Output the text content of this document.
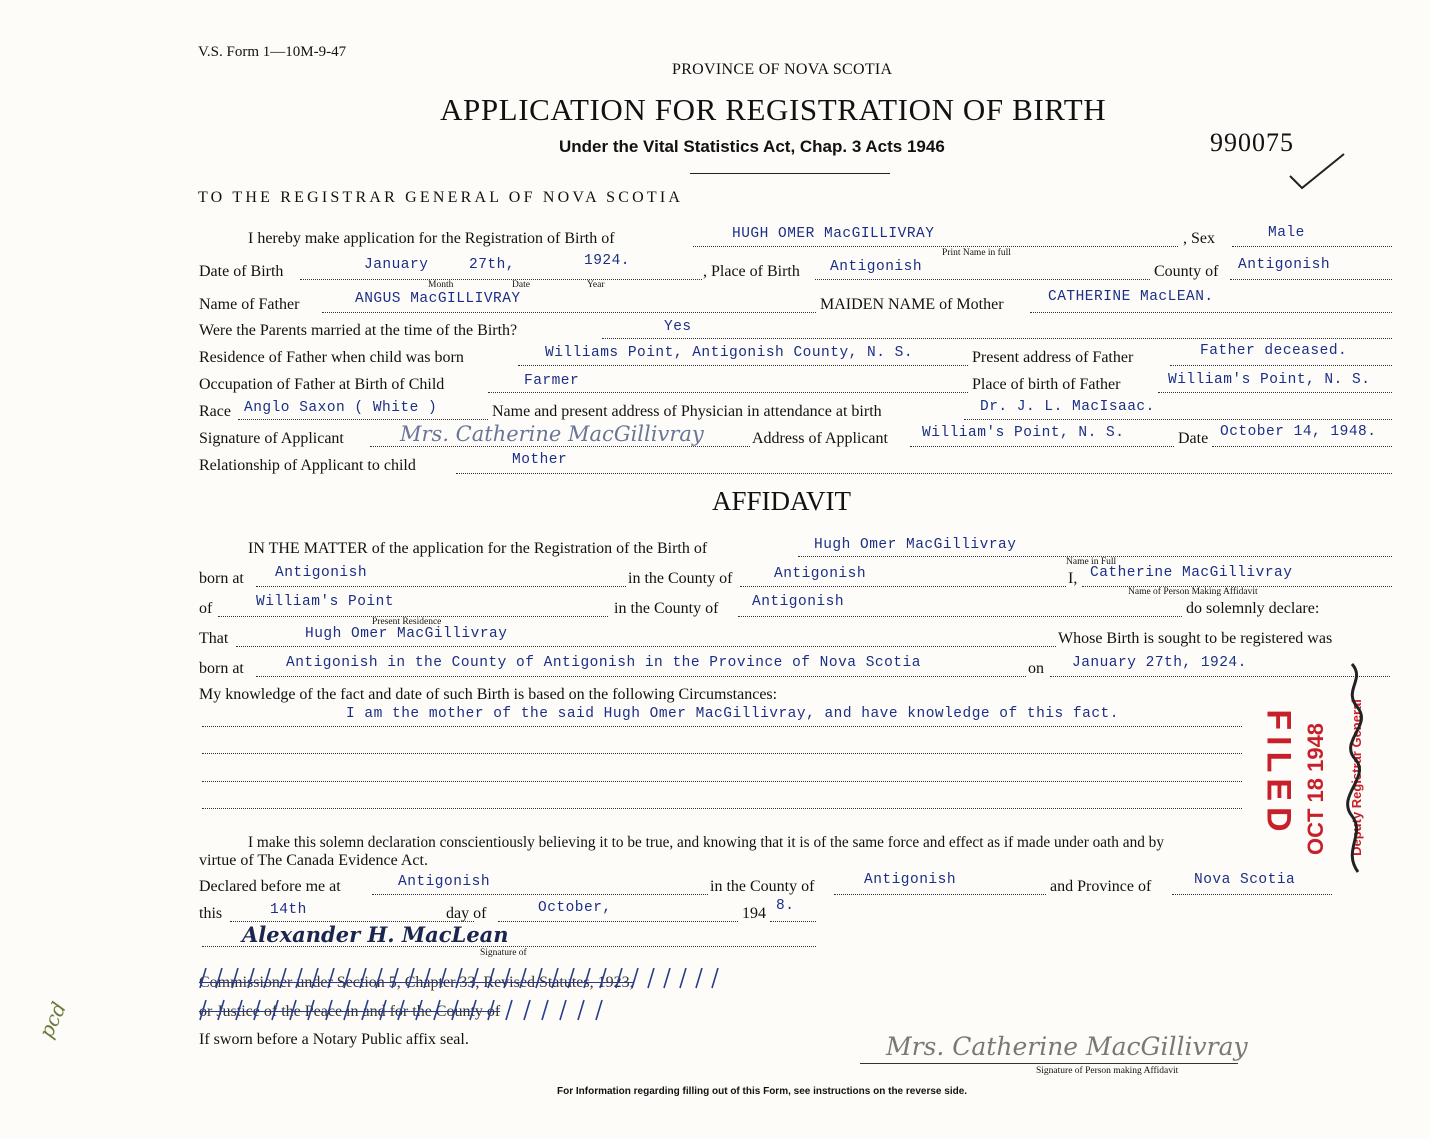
V.S. Form 1—10M-9-47
PROVINCE OF NOVA SCOTIA
APPLICATION FOR REGISTRATION OF BIRTH
Under the Vital Statistics Act, Chap. 3 Acts 1946	990075
TO THE REGISTRAR GENERAL OF NOVA SCOTIA
I hereby make application for the Registration of Birth of	HUGH OMER MacGILLIVRAY
Print Name in full
, Sex	Male
Date of Birth	January	27th,	1924.
Month	Date	Year
, Place of Birth Antigonish	County of Antigonish
Name of Father	ANGUS MacGILLIVRAY	MAIDEN NAME of Mother	CATHERINE MacLEAN.
Were the Parents married at the time of the Birth?	Yes
Residence of Father when child was born	Williams Point, Antigonish County, N. S.	Present address of Father	Father deceased.
Occupation of Father at Birth of Child	Farmer	Place of birth of Father	William's Point, N. S.
Race Anglo Saxon ( White )	Name and present address of Physician in attendance at birth	Dr. J. L. MacIsaac.
Signature of Applicant	Mrs. Catherine MacGillivray	Address of Applicant William's Point, N. S.	Date October 14, 1948.
Relationship of Applicant to child	Mother
AFFIDAVIT
IN THE MATTER of the application for the Registration of the Birth of	Hugh Omer MacGillivray
Name in Full
born at Antigonish	in the County of	Antigonish	I, Catherine MacGillivray
Name of Person Making Affidavit
of	William's Point
Present Residence
in the County of Antigonish	do solemnly declare:
That	Hugh Omer MacGillivray	Whose Birth is sought to be registered was
born at	Antigonish in the County of Antigonish in the Province of Nova Scotia	on January 27th, 1924.
My knowledge of the fact and date of such Birth is based on the following Circumstances:
I am the mother of the said Hugh Omer MacGillivray, and have knowledge of this fact.
I make this solemn declaration conscientiously believing it to be true, and knowing that it is of the same force and effect as if made under oath and by
virtue of The Canada Evidence Act.
Declared before me at	Antigonish	in the County of	Antigonish	and Province of	Nova Scotia
this	14th	day of	October,	194 8.
Alexander H. MacLean
Signature of
Commissioner under Section 5, Chapter 33, Revised Statutes, 1923,
or Justice of the Peace in and for the County of
If sworn before a Notary Public affix seal.	Mrs. Catherine MacGillivray
Signature of Person making Affidavit
For Information regarding filling out of this Form, see instructions on the reverse side.
FILED OCT 18 1948 Deputy Registrar General
pcd
